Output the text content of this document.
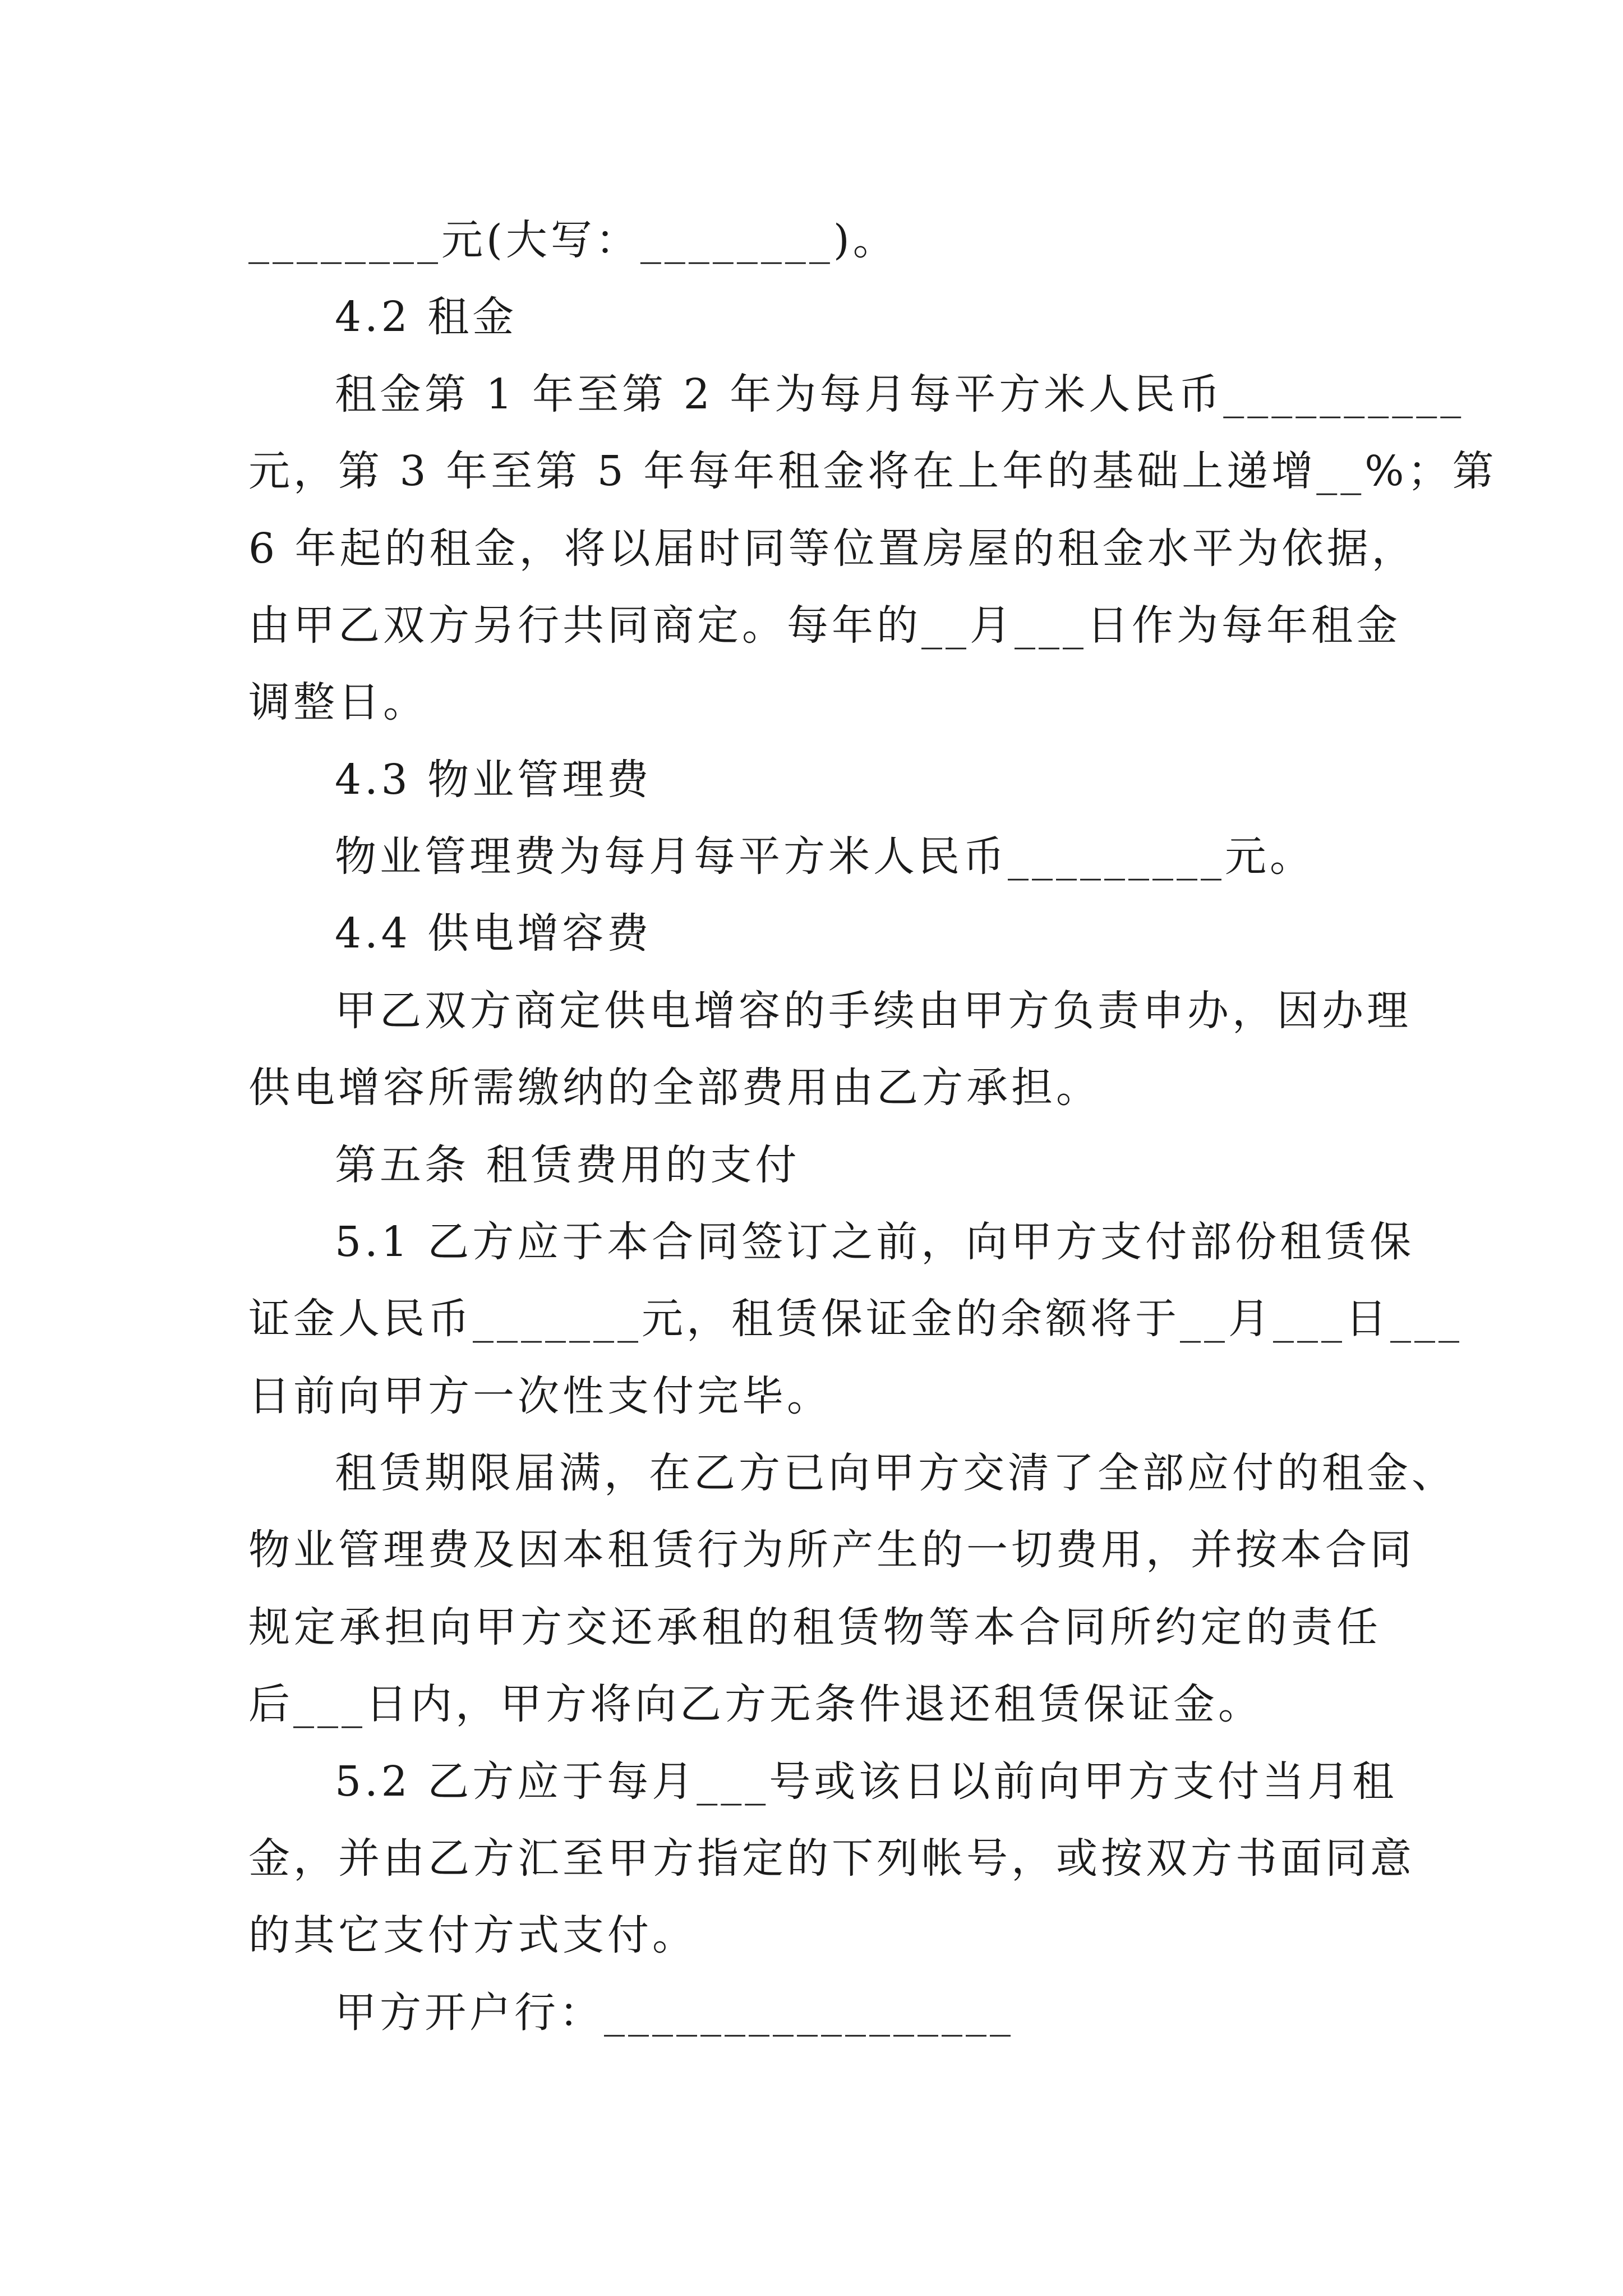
________元(大写：________)。
4.2 租金
租金第 1 年至第 2 年为每月每平方米人民币__________
元，第 3 年至第 5 年每年租金将在上年的基础上递增__%；第
6 年起的租金，将以届时同等位置房屋的租金水平为依据，
由甲乙双方另行共同商定。每年的__月___日作为每年租金
调整日。
4.3 物业管理费
物业管理费为每月每平方米人民币_________元。
4.4 供电增容费
甲乙双方商定供电增容的手续由甲方负责申办，因办理
供电增容所需缴纳的全部费用由乙方承担。
第五条 租赁费用的支付
5.1 乙方应于本合同签订之前，向甲方支付部份租赁保
证金人民币_______元，租赁保证金的余额将于__月___日___
日前向甲方一次性支付完毕。
租赁期限届满，在乙方已向甲方交清了全部应付的租金、
物业管理费及因本租赁行为所产生的一切费用，并按本合同
规定承担向甲方交还承租的租赁物等本合同所约定的责任
后___日内，甲方将向乙方无条件退还租赁保证金。
5.2 乙方应于每月___号或该日以前向甲方支付当月租
金，并由乙方汇至甲方指定的下列帐号，或按双方书面同意
的其它支付方式支付。
甲方开户行：_________________
